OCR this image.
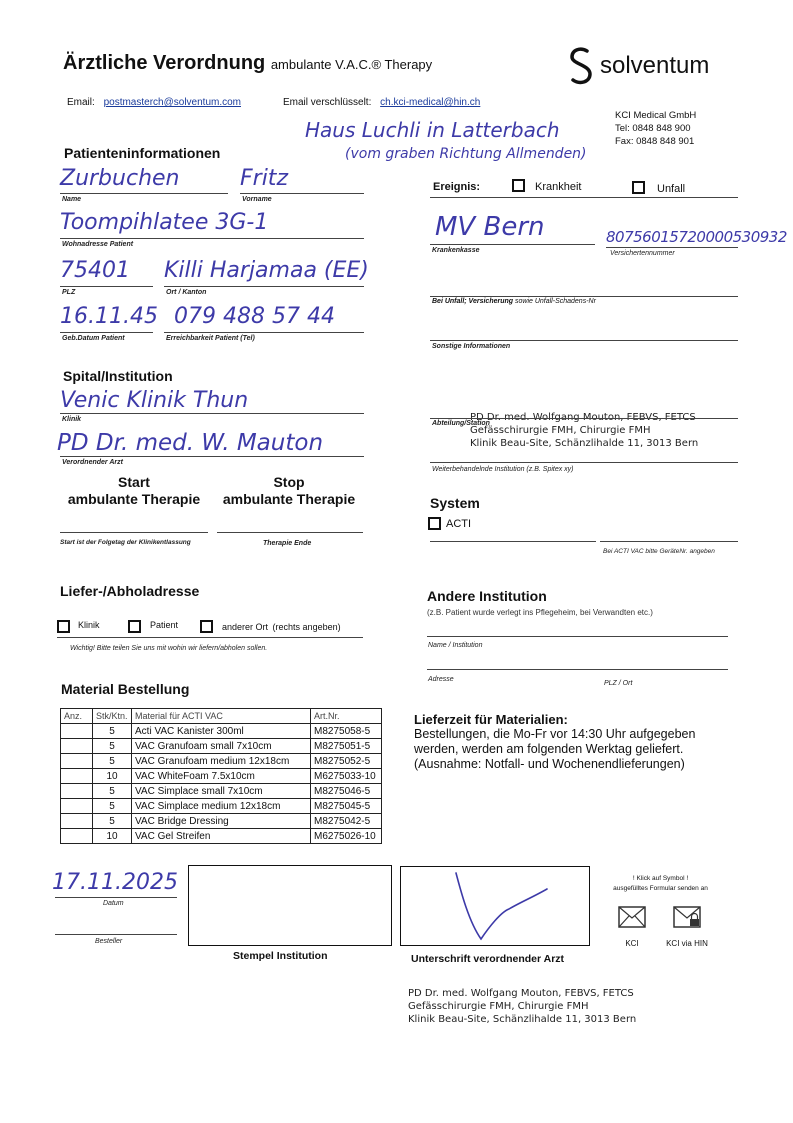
Ärztliche Verordnung ambulante V.A.C.® Therapy	solventum
Email: postmasterch@solventum.com	Email verschlüsselt: ch.kci-medical@hin.ch
KCI Medical GmbH
Tel: 0848 848 900
Fax: 0848 848 901
Haus Luchli in Latterbach
(vom graben Richtung Allmenden)
Patienteninformationen
Zurbuchen
Name
Fritz
Vorname
Toompihlatee 3G-1
Wohnadresse Patient
75401
PLZ
Killi Harjamaa (EE)
Ort / Kanton
16.11.45
Geb.Datum Patient
079 488 57 44
Erreichbarkeit Patient (Tel)
Ereignis:	Krankheit	Unfall
MV Bern
Krankenkasse
80756015720000530932
Versichertennummer
Bei Unfall; Versicherung sowie Unfall-Schadens-Nr
Sonstige Informationen
Spital/Institution
Venic Klinik Thun
Klinik
PD Dr. med. W. Mauton
Verordnender Arzt
PD Dr. med. Wolfgang Mouton, FEBVS, FETCS
Gefässchirurgie FMH, Chirurgie FMH
Klinik Beau-Site, Schänzlihalde 11, 3013 Bern
Abteilung/Station
Weiterbehandelnde Institution (z.B. Spitex xy)
Start
ambulante Therapie
Stop
ambulante Therapie
Start ist der Folgetag der Klinikentlassung	Therapie Ende
System
ACTI
Bei ACTI VAC bitte GeräteNr. angeben
Liefer-/Abholadresse
Klinik	Patient	anderer Ort (rechts angeben)
Wichtig! Bitte teilen Sie uns mit wohin wir liefern/abholen sollen.
Andere Institution
(z.B. Patient wurde verlegt ins Pflegeheim, bei Verwandten etc.)
Name / Institution
Adresse
PLZ / Ort
Material Bestellung
Anz.	Stk/Ktn.	Material für ACTI VAC	Art.Nr.
	5	Acti VAC Kanister 300ml	M8275058-5
	5	VAC Granufoam small 7x10cm	M8275051-5
	5	VAC Granufoam medium 12x18cm	M8275052-5
	10	VAC WhiteFoam 7.5x10cm	M6275033-10
	5	VAC Simplace small 7x10cm	M8275046-5
	5	VAC Simplace medium 12x18cm	M8275045-5
	5	VAC Bridge Dressing	M8275042-5
	10	VAC Gel Streifen	M6275026-10
Lieferzeit für Materialien:
Bestellungen, die Mo-Fr vor 14:30 Uhr aufgegeben
werden, werden am folgenden Werktag geliefert.
(Ausnahme: Notfall- und Wochenendlieferungen)
17.11.2025
Datum
Besteller
Stempel Institution	Unterschrift verordnender Arzt
! Klick auf Symbol !
ausgefülltes Formular senden an
KCI	KCI via HIN
PD Dr. med. Wolfgang Mouton, FEBVS, FETCS
Gefässchirurgie FMH, Chirurgie FMH
Klinik Beau-Site, Schänzlihalde 11, 3013 Bern
